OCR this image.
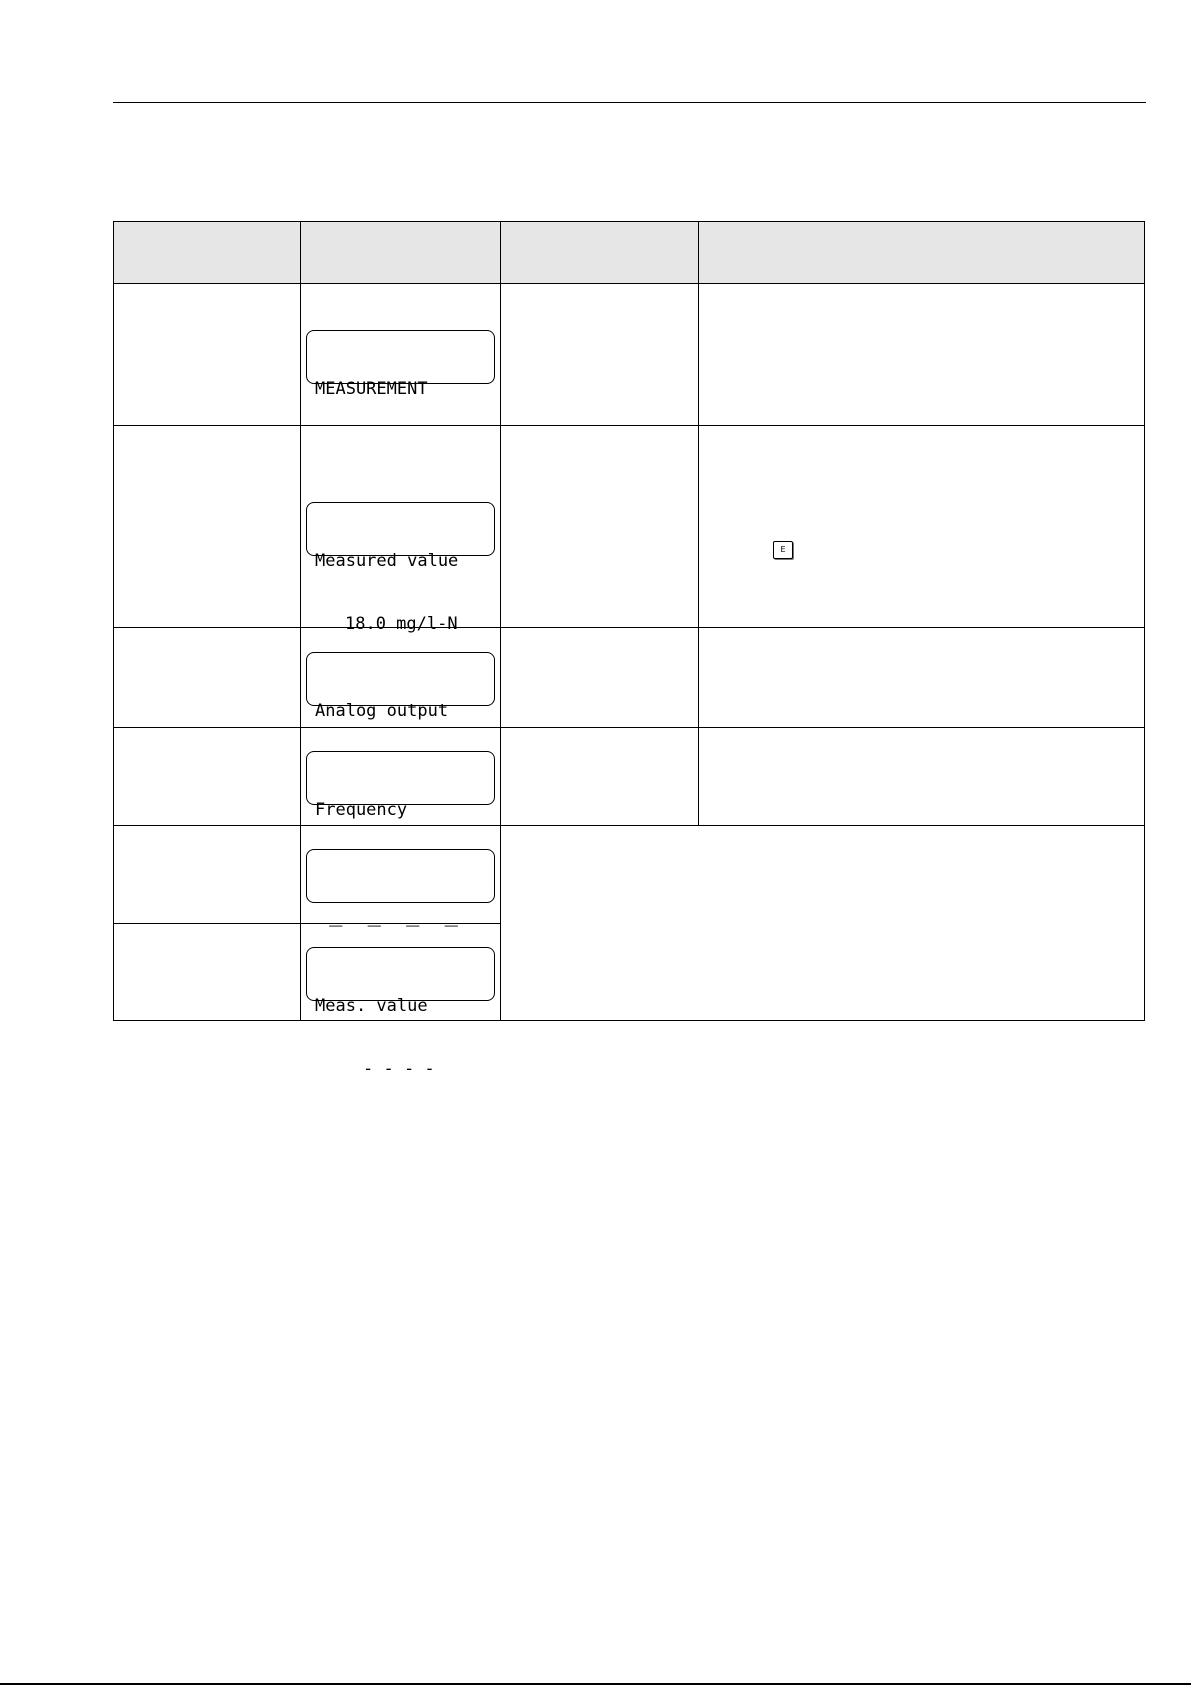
MEASUREMENT

Measured value

18.0 mg/l-N

Analog output

Frequency

_ _ _ _

Meas. value

- - - -

E
